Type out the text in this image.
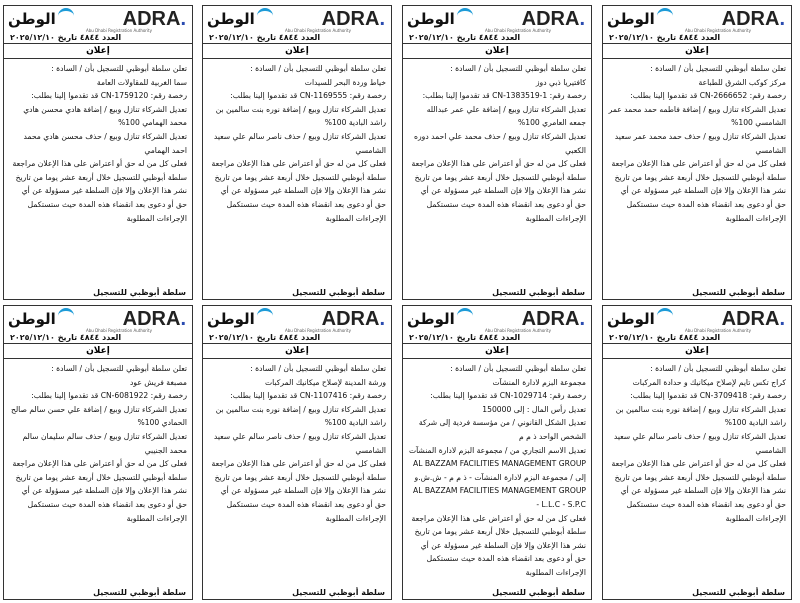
الوطن	ADRA.
Abu Dhabi Registration Authority
العدد ٤٨٤٤ تاريخ ٢٠٢٥/١٢/١٠
إعلان

تعلن سلطة أبوظبي للتسجيل بأن / السادة :

مركز كوكب الشرق للطباعة

رخصة رقم: CN-2666652 قد تقدموا إلينا بطلب:

تعديل الشركاء تنازل وبيع / إضافة فاطمه حمد محمد عمر الشامسي 100%

تعديل الشركاء تنازل وبيع / حذف حمد محمد عمر سعيد الشامسي

فعلى كل من له حق أو اعتراض على هذا الإعلان مراجعة سلطة أبوظبي للتسجيل خلال أربعة عشر يوما من تاريخ نشر هذا الإعلان وإلا فإن السلطة غير مسؤولة عن أي حق أو دعوى بعد انقضاء هذه المدة حيث ستستكمل الإجراءات المطلوبة

سلطة أبوظبي للتسجيل
الوطن	ADRA.
Abu Dhabi Registration Authority
العدد ٤٨٤٤ تاريخ ٢٠٢٥/١٢/١٠
إعلان

تعلن سلطة أبوظبي للتسجيل بأن / السادة :

كافتيريا ذبي دوز

رخصة رقم: CN-1383519-1 قد تقدموا إلينا بطلب:

تعديل الشركاء تنازل وبيع / إضافة علي عمر عبدالله جمعه العامري 100%

تعديل الشركاء تنازل وبيع / حذف محمد علي احمد دوره الكعبي

فعلى كل من له حق أو اعتراض على هذا الإعلان مراجعة سلطة أبوظبي للتسجيل خلال أربعة عشر يوما من تاريخ نشر هذا الإعلان وإلا فإن السلطة غير مسؤولة عن أي حق أو دعوى بعد انقضاء هذه المدة حيث ستستكمل الإجراءات المطلوبة

سلطة أبوظبي للتسجيل
الوطن	ADRA.
Abu Dhabi Registration Authority
العدد ٤٨٤٤ تاريخ ٢٠٢٥/١٢/١٠
إعلان

تعلن سلطة أبوظبي للتسجيل بأن / السادة :

خياط وردة البحر للسيدات

رخصة رقم: CN-1169555 قد تقدموا إلينا بطلب:

تعديل الشركاء تنازل وبيع / إضافة نوره بنت سالمين بن راشد البادية 100%

تعديل الشركاء تنازل وبيع / حذف ناصر سالم علي سعيد الشامسي

فعلى كل من له حق أو اعتراض على هذا الإعلان مراجعة سلطة أبوظبي للتسجيل خلال أربعة عشر يوما من تاريخ نشر هذا الإعلان وإلا فإن السلطة غير مسؤولة عن أي حق أو دعوى بعد انقضاء هذه المدة حيث ستستكمل الإجراءات المطلوبة

سلطة أبوظبي للتسجيل
الوطن	ADRA.
Abu Dhabi Registration Authority
العدد ٤٨٤٤ تاريخ ٢٠٢٥/١٢/١٠
إعلان

تعلن سلطة أبوظبي للتسجيل بأن / السادة :

سما الغربية للمقاولات العامة

رخصة رقم: CN-1759120 قد تقدموا إلينا بطلب:

تعديل الشركاء تنازل وبيع / إضافة هادي محسن هادي محمد الهمامي 100%

تعديل الشركاء تنازل وبيع / حذف محسن هادي محمد احمد الهمامي

فعلى كل من له حق أو اعتراض على هذا الإعلان مراجعة سلطة أبوظبي للتسجيل خلال أربعة عشر يوما من تاريخ نشر هذا الإعلان وإلا فإن السلطة غير مسؤولة عن أي حق أو دعوى بعد انقضاء هذه المدة حيث ستستكمل الإجراءات المطلوبة

سلطة أبوظبي للتسجيل
الوطن	ADRA.
Abu Dhabi Registration Authority
العدد ٤٨٤٤ تاريخ ٢٠٢٥/١٢/١٠
إعلان

تعلن سلطة أبوظبي للتسجيل بأن / السادة :

كراج تكس تايم لإصلاح ميكانيك و حدادة المركبات

رخصة رقم: CN-3709418 قد تقدموا إلينا بطلب:

تعديل الشركاء تنازل وبيع / إضافة نوره بنت سالمين بن راشد البادية 100%

تعديل الشركاء تنازل وبيع / حذف ناصر سالم علي سعيد الشامسي

فعلى كل من له حق أو اعتراض على هذا الإعلان مراجعة سلطة أبوظبي للتسجيل خلال أربعة عشر يوما من تاريخ نشر هذا الإعلان وإلا فإن السلطة غير مسؤولة عن أي حق أو دعوى بعد انقضاء هذه المدة حيث ستستكمل الإجراءات المطلوبة

سلطة أبوظبي للتسجيل
الوطن	ADRA.
Abu Dhabi Registration Authority
العدد ٤٨٤٤ تاريخ ٢٠٢٥/١٢/١٠
إعلان

تعلن سلطة أبوظبي للتسجيل بأن / السادة :

مجموعة البزم لادارة المنشآت

رخصة رقم: CN-1029714 قد تقدموا إلينا بطلب:

تعديل رأس المال : إلى 150000

تعديل الشكل القانوني / من مؤسسة فردية إلى شركة الشخص الواحد ذ م م

تعديل الاسم التجاري من / مجموعة البزم لادارة المنشآت AL BAZZAM FACILITIES MANAGEMENT GROUP

إلى / مجموعة البزم لادارة المنشآت - ذ م م - ش.ش.و AL BAZZAM FACILITIES MANAGEMENT GROUP - L.L.C - S.P.C

فعلى كل من له حق أو اعتراض على هذا الإعلان مراجعة سلطة أبوظبي للتسجيل خلال أربعة عشر يوما من تاريخ نشر هذا الإعلان وإلا فإن السلطة غير مسؤولة عن أي حق أو دعوى بعد انقضاء هذه المدة حيث ستستكمل الإجراءات المطلوبة

سلطة أبوظبي للتسجيل
الوطن	ADRA.
Abu Dhabi Registration Authority
العدد ٤٨٤٤ تاريخ ٢٠٢٥/١٢/١٠
إعلان

تعلن سلطة أبوظبي للتسجيل بأن / السادة :

ورشة المدينة لإصلاح ميكانيك المركبات

رخصة رقم: CN-1107416 قد تقدموا إلينا بطلب:

تعديل الشركاء تنازل وبيع / إضافة نوره بنت سالمين بن راشد البادية 100%

تعديل الشركاء تنازل وبيع / حذف ناصر سالم علي سعيد الشامسي

فعلى كل من له حق أو اعتراض على هذا الإعلان مراجعة سلطة أبوظبي للتسجيل خلال أربعة عشر يوما من تاريخ نشر هذا الإعلان وإلا فإن السلطة غير مسؤولة عن أي حق أو دعوى بعد انقضاء هذه المدة حيث ستستكمل الإجراءات المطلوبة

سلطة أبوظبي للتسجيل
الوطن	ADRA.
Abu Dhabi Registration Authority
العدد ٤٨٤٤ تاريخ ٢٠٢٥/١٢/١٠
إعلان

تعلن سلطة أبوظبي للتسجيل بأن / السادة :

مصبغة فريش عود

رخصة رقم: CN-6081922 قد تقدموا إلينا بطلب:

تعديل الشركاء تنازل وبيع / إضافة علي حسن سالم صالح الحمادي 100%

تعديل الشركاء تنازل وبيع / حذف سالم سليمان سالم محمد الجنيبي

فعلى كل من له حق أو اعتراض على هذا الإعلان مراجعة سلطة أبوظبي للتسجيل خلال أربعة عشر يوما من تاريخ نشر هذا الإعلان وإلا فإن السلطة غير مسؤولة عن أي حق أو دعوى بعد انقضاء هذه المدة حيث ستستكمل الإجراءات المطلوبة

سلطة أبوظبي للتسجيل
